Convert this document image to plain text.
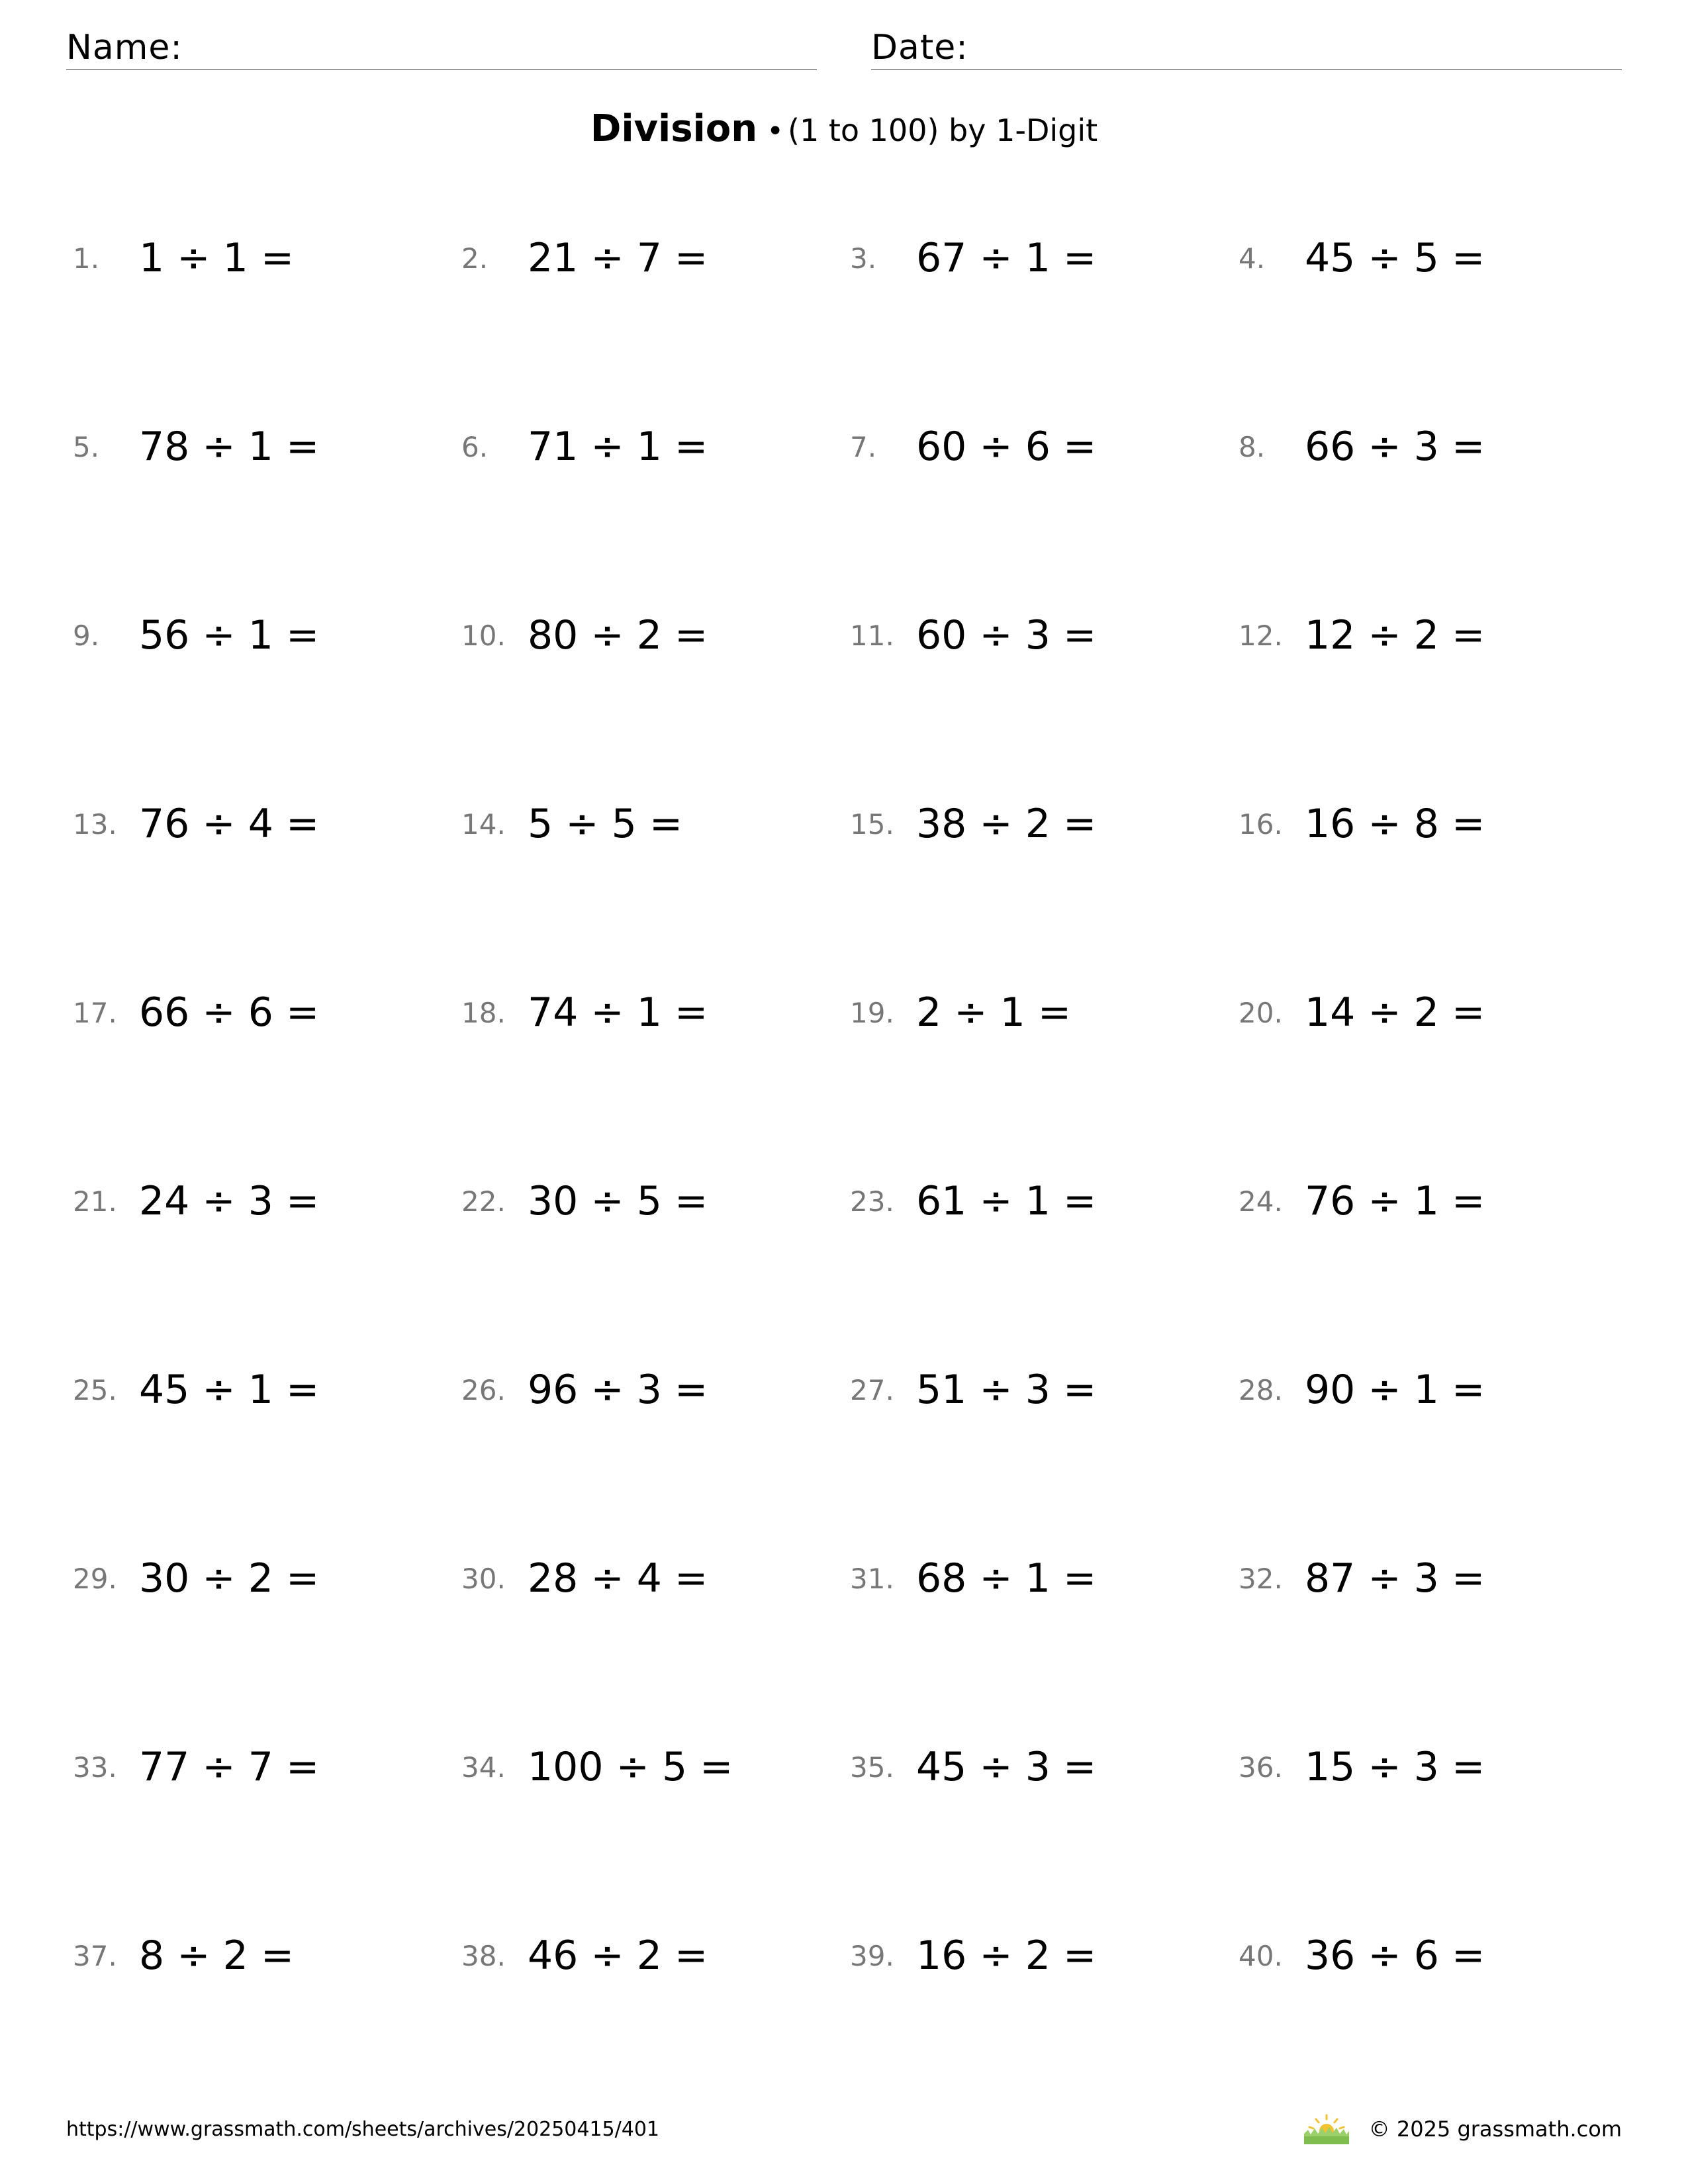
Name:	Date:
Division • (1 to 100) by 1-Digit
1. 1 ÷ 1 =	2. 21 ÷ 7 =	3. 67 ÷ 1 =	4. 45 ÷ 5 =
5. 78 ÷ 1 =	6. 71 ÷ 1 =	7. 60 ÷ 6 =	8. 66 ÷ 3 =
9. 56 ÷ 1 =	10. 80 ÷ 2 =	11. 60 ÷ 3 =	12. 12 ÷ 2 =
13. 76 ÷ 4 =	14. 5 ÷ 5 =	15. 38 ÷ 2 =	16. 16 ÷ 8 =
17. 66 ÷ 6 =	18. 74 ÷ 1 =	19. 2 ÷ 1 =	20. 14 ÷ 2 =
21. 24 ÷ 3 =	22. 30 ÷ 5 =	23. 61 ÷ 1 =	24. 76 ÷ 1 =
25. 45 ÷ 1 =	26. 96 ÷ 3 =	27. 51 ÷ 3 =	28. 90 ÷ 1 =
29. 30 ÷ 2 =	30. 28 ÷ 4 =	31. 68 ÷ 1 =	32. 87 ÷ 3 =
33. 77 ÷ 7 =	34. 100 ÷ 5 =	35. 45 ÷ 3 =	36. 15 ÷ 3 =
37. 8 ÷ 2 =	38. 46 ÷ 2 =	39. 16 ÷ 2 =	40. 36 ÷ 6 =
https://www.grassmath.com/sheets/archives/20250415/401	© 2025 grassmath.com
